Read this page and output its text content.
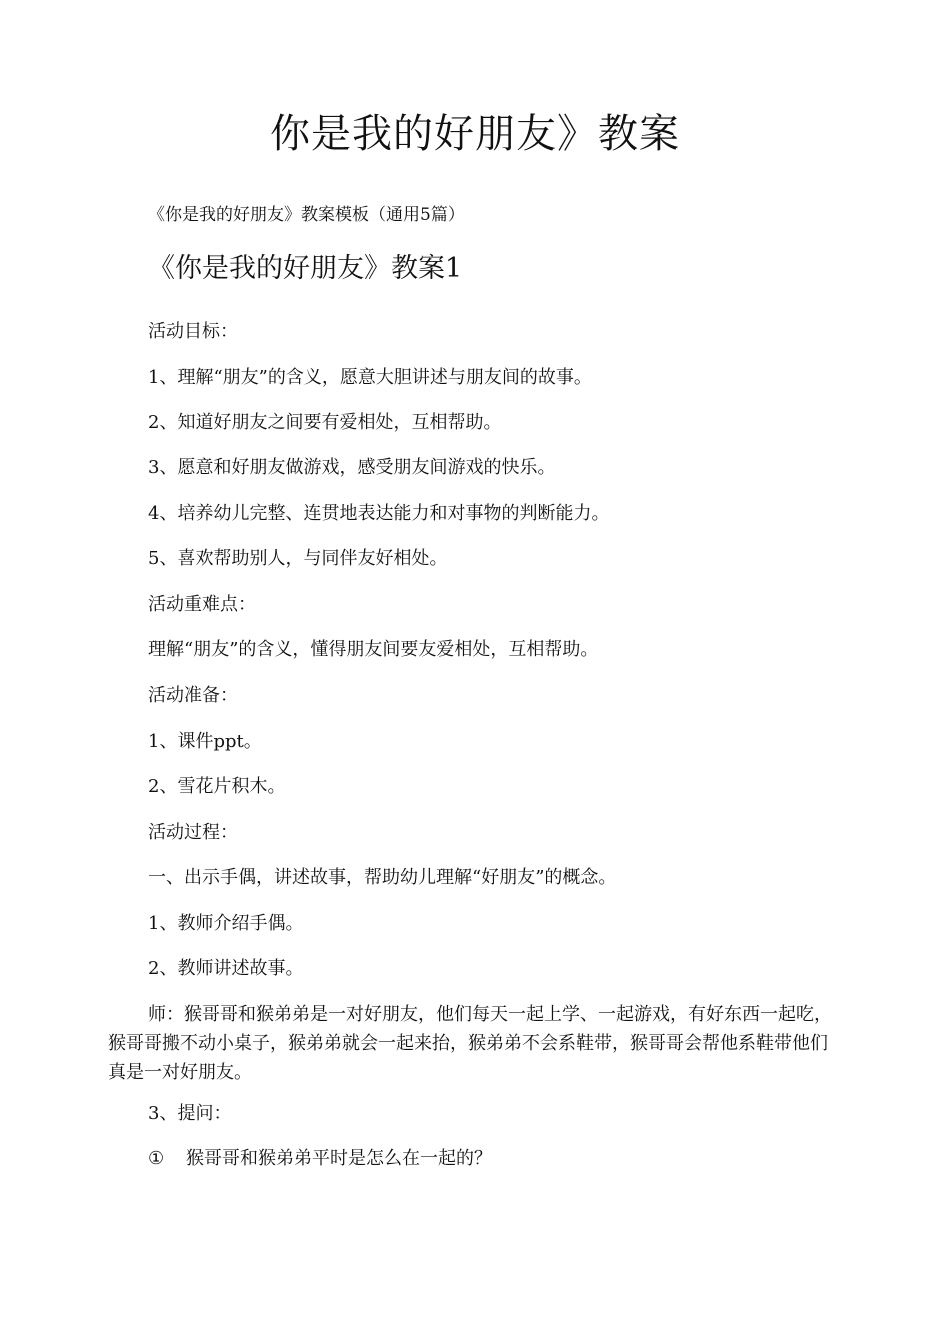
你是我的好朋友》教案
《你是我的好朋友》教案模板（通用5篇）
《你是我的好朋友》教案1
活动目标：
1、理解“朋友”的含义，愿意大胆讲述与朋友间的故事。
2、知道好朋友之间要有爱相处，互相帮助。
3、愿意和好朋友做游戏，感受朋友间游戏的快乐。
4、培养幼儿完整、连贯地表达能力和对事物的判断能力。
5、喜欢帮助别人，与同伴友好相处。
活动重难点：
理解“朋友”的含义，懂得朋友间要友爱相处，互相帮助。
活动准备：
1、课件ppt。
2、雪花片积木。
活动过程：
一、出示手偶，讲述故事，帮助幼儿理解“好朋友”的概念。
1、教师介绍手偶。
2、教师讲述故事。
师：猴哥哥和猴弟弟是一对好朋友，他们每天一起上学、一起游戏，有好东西一起吃，猴哥哥搬不动小桌子，猴弟弟就会一起来抬，猴弟弟不会系鞋带，猴哥哥会帮他系鞋带他们真是一对好朋友。
3、提问：
① 猴哥哥和猴弟弟平时是怎么在一起的？
